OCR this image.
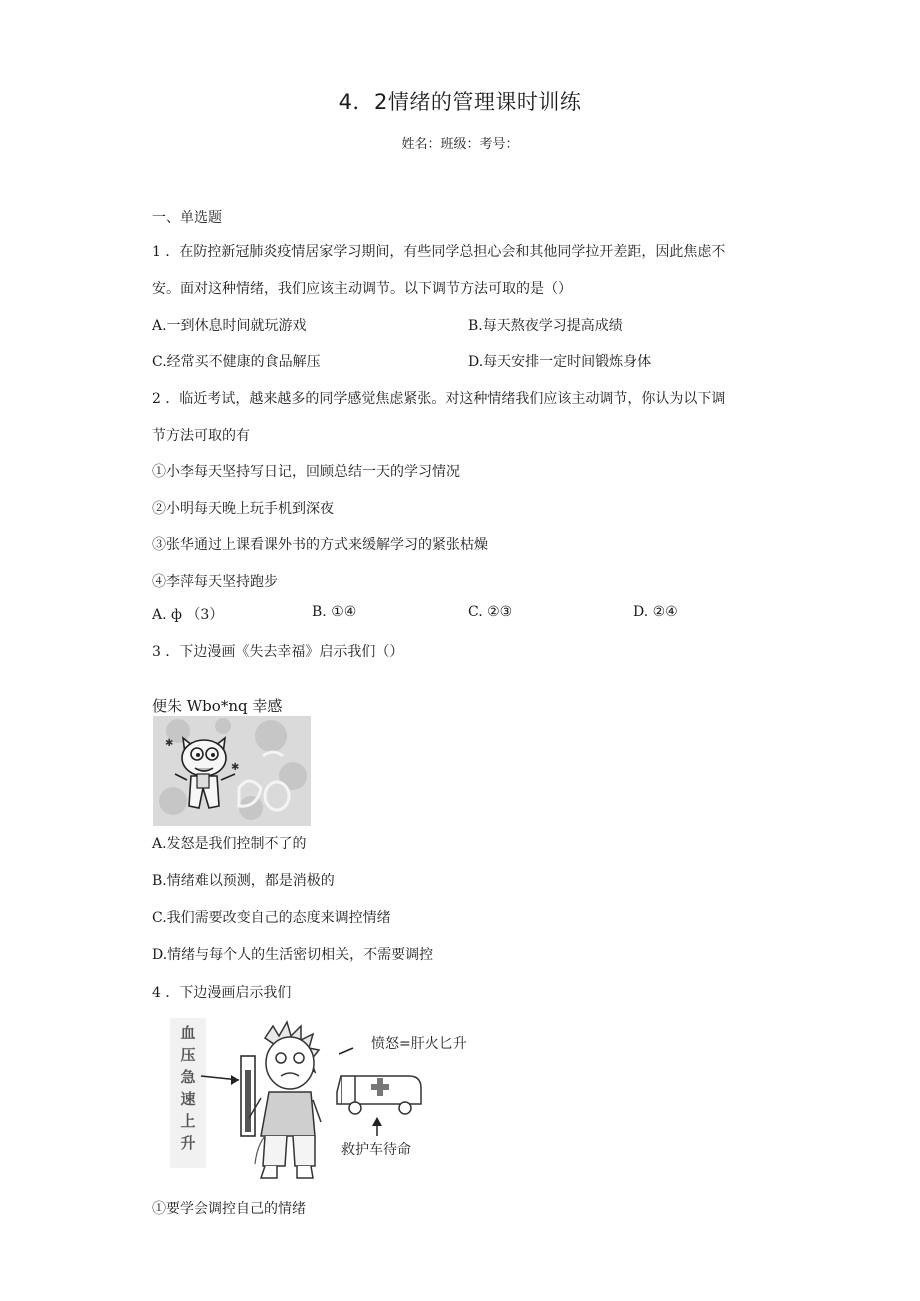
4．2情绪的管理课时训练
姓名：班级：考号：
一、单选题
1 ．在防控新冠肺炎疫情居家学习期间，有些同学总担心会和其他同学拉开差距，因此焦虑不
安。面对这种情绪，我们应该主动调节。以下调节方法可取的是（）
A.一到休息时间就玩游戏	B.每天熬夜学习提高成绩
C.经常买不健康的食品解压	D.每天安排一定时间锻炼身体
2 ．临近考试，越来越多的同学感觉焦虑紧张。对这种情绪我们应该主动调节，你认为以下调
节方法可取的有
①小李每天坚持写日记，回顾总结一天的学习情况
②小明每天晚上玩手机到深夜
③张华通过上课看课外书的方式来缓解学习的紧张枯燥
④李萍每天坚持跑步
A. ф （3）	B. ①④	C. ②③	D. ②④
3 ．下边漫画《失去幸福》启示我们（）
便朱 Wbo*nq 幸感
✱
✱
A.发怒是我们控制不了的
B.情绪难以预测，都是消极的
C.我们需要改变自己的态度来调控情绪
D.情绪与每个人的生活密切相关，不需要调控
4 ．下边漫画启示我们
血
压
急
速
上
升
愤怒=肝火匕升
救护车待命
①要学会调控自己的情绪
